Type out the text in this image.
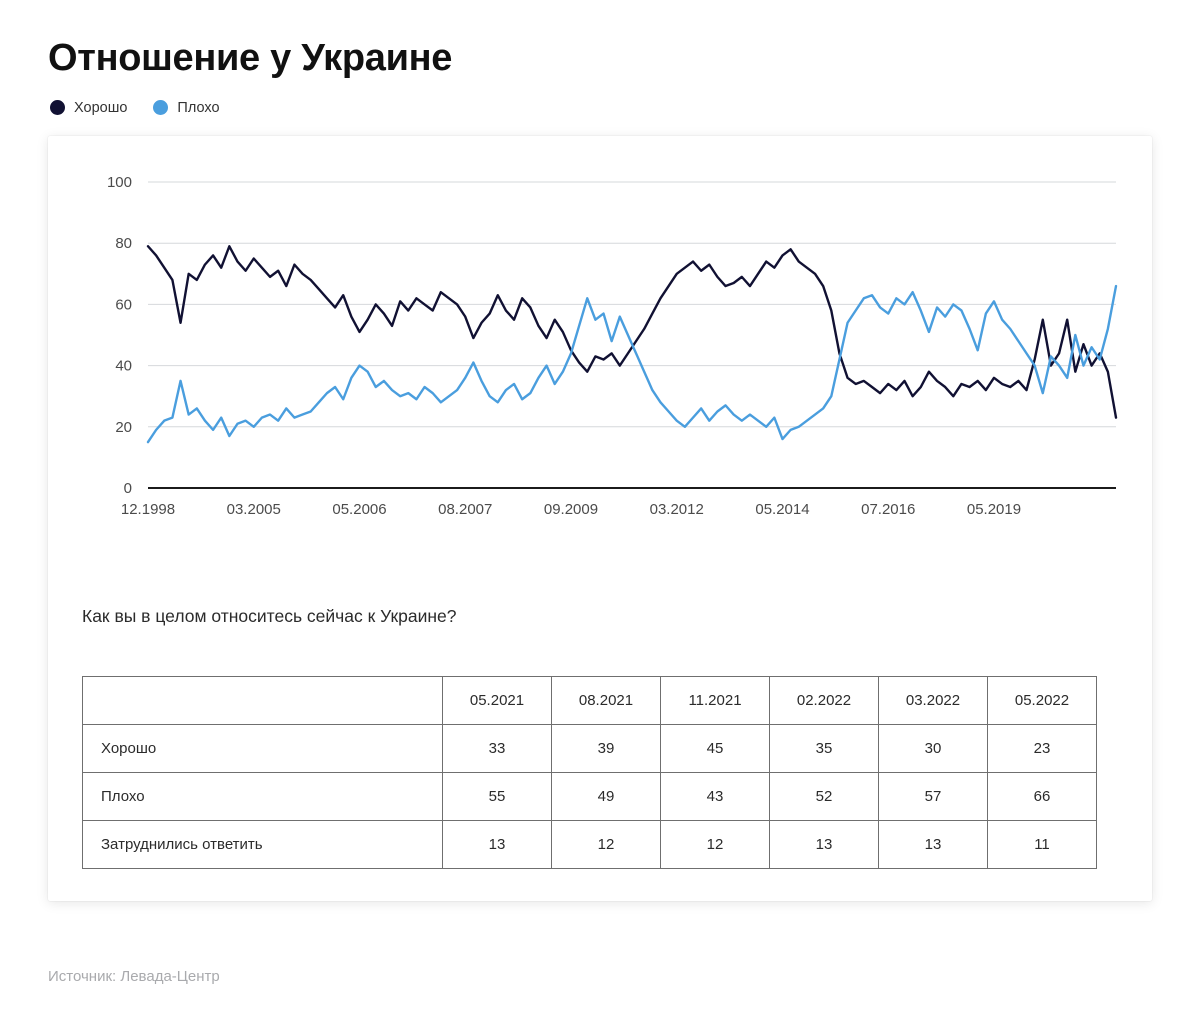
Отношение у Украине
Хорошо	Плохо
0
20
40
60
80
100
12.1998	03.2005	05.2006	08.2007	09.2009	03.2012	05.2014	07.2016	05.2019
Как вы в целом относитесь сейчас к Украине?
	05.2021	08.2021	11.2021	02.2022	03.2022	05.2022
Хорошо	33	39	45	35	30	23
Плохо	55	49	43	52	57	66
Затруднились ответить	13	12	12	13	13	11
Источник: Левада-Центр
